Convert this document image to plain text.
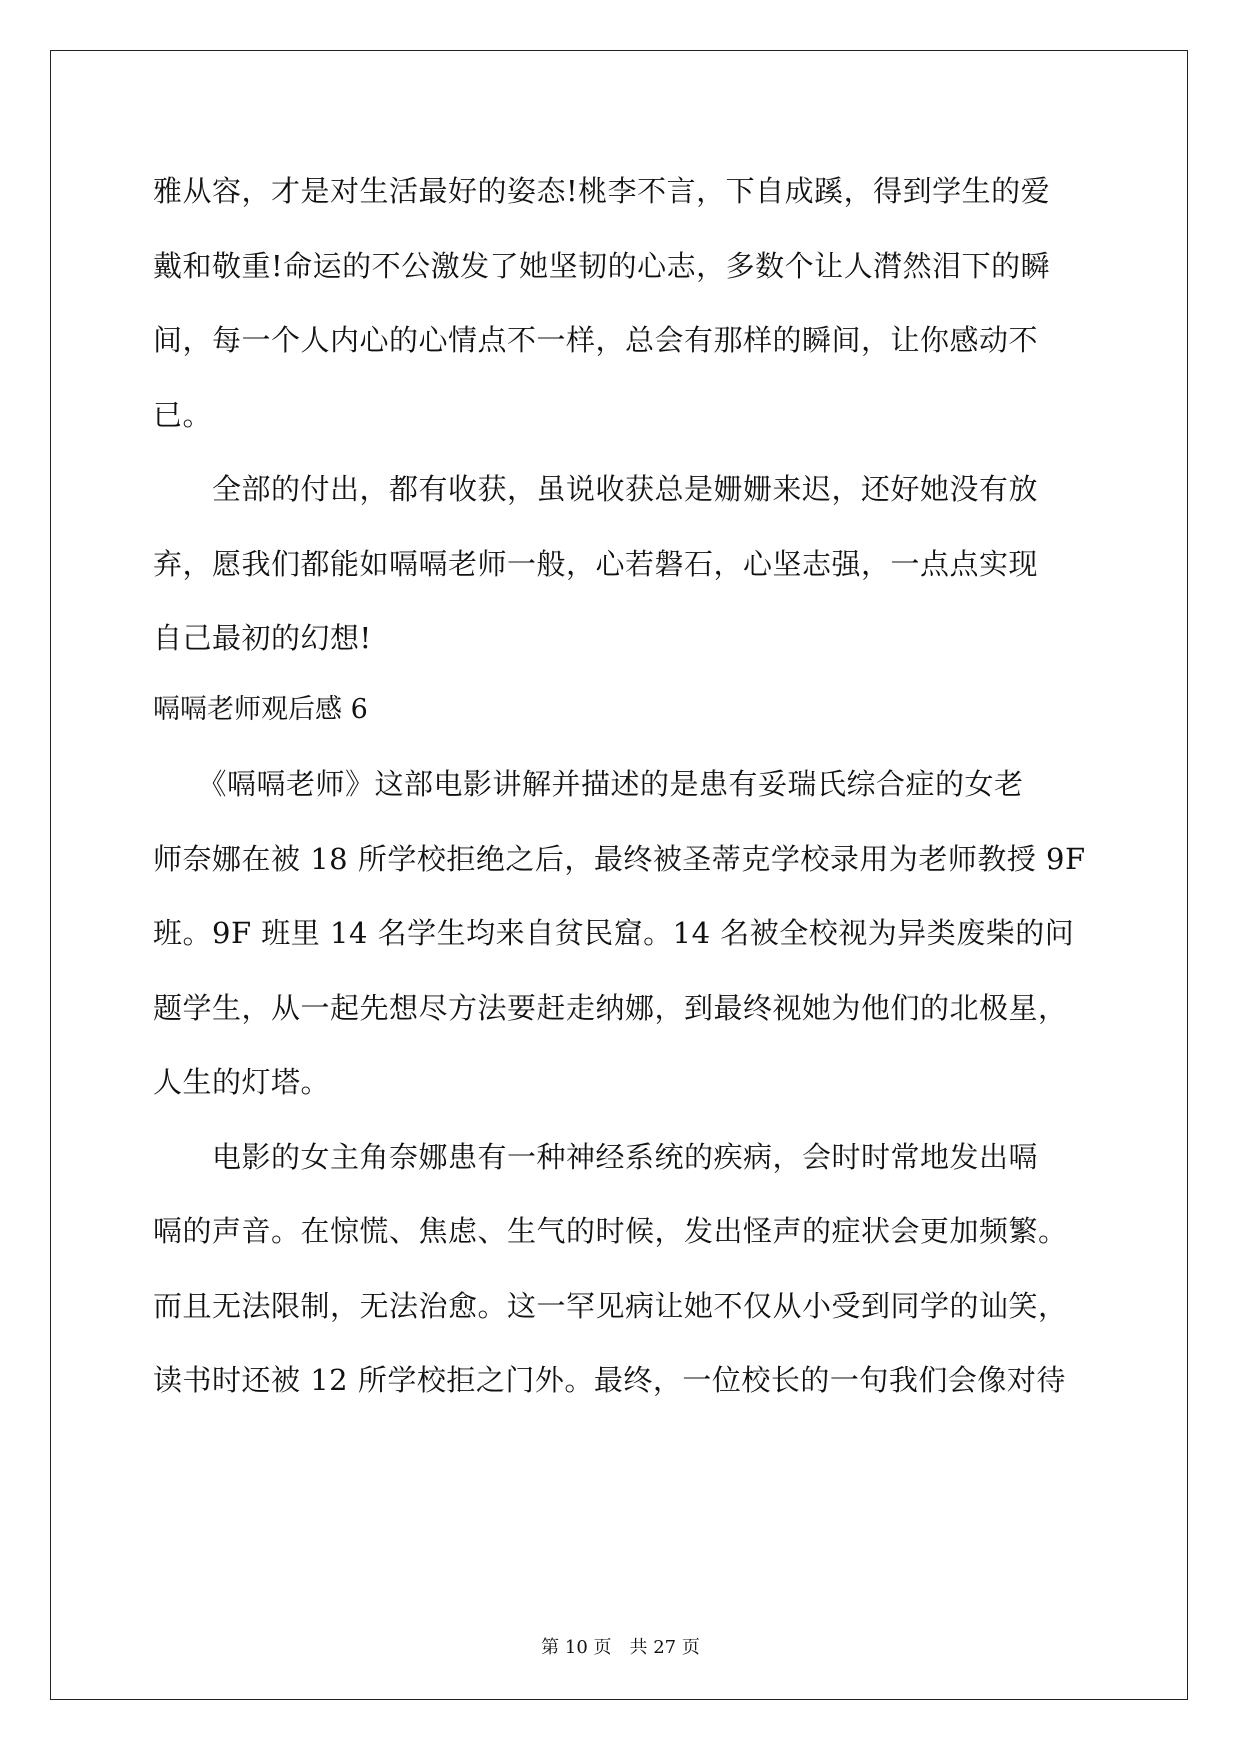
雅从容，才是对生活最好的姿态!桃李不言，下自成蹊，得到学生的爱
戴和敬重!命运的不公激发了她坚韧的心志，多数个让人潸然泪下的瞬
间，每一个人内心的心情点不一样，总会有那样的瞬间，让你感动不
已。
　　全部的付出，都有收获，虽说收获总是姗姗来迟，还好她没有放
弃，愿我们都能如嗝嗝老师一般，心若磐石，心坚志强，一点点实现
自己最初的幻想!
嗝嗝老师观后感 6
　　《嗝嗝老师》这部电影讲解并描述的是患有妥瑞氏综合症的女老
师奈娜在被 18 所学校拒绝之后，最终被圣蒂克学校录用为老师教授 9F
班。9F 班里 14 名学生均来自贫民窟。14 名被全校视为异类废柴的问
题学生，从一起先想尽方法要赶走纳娜，到最终视她为他们的北极星，
人生的灯塔。
　　电影的女主角奈娜患有一种神经系统的疾病，会时时常地发出嗝
嗝的声音。在惊慌、焦虑、生气的时候，发出怪声的症状会更加频繁。
而且无法限制，无法治愈。这一罕见病让她不仅从小受到同学的讪笑，
读书时还被 12 所学校拒之门外。最终，一位校长的一句我们会像对待
第 10 页　共 27 页
